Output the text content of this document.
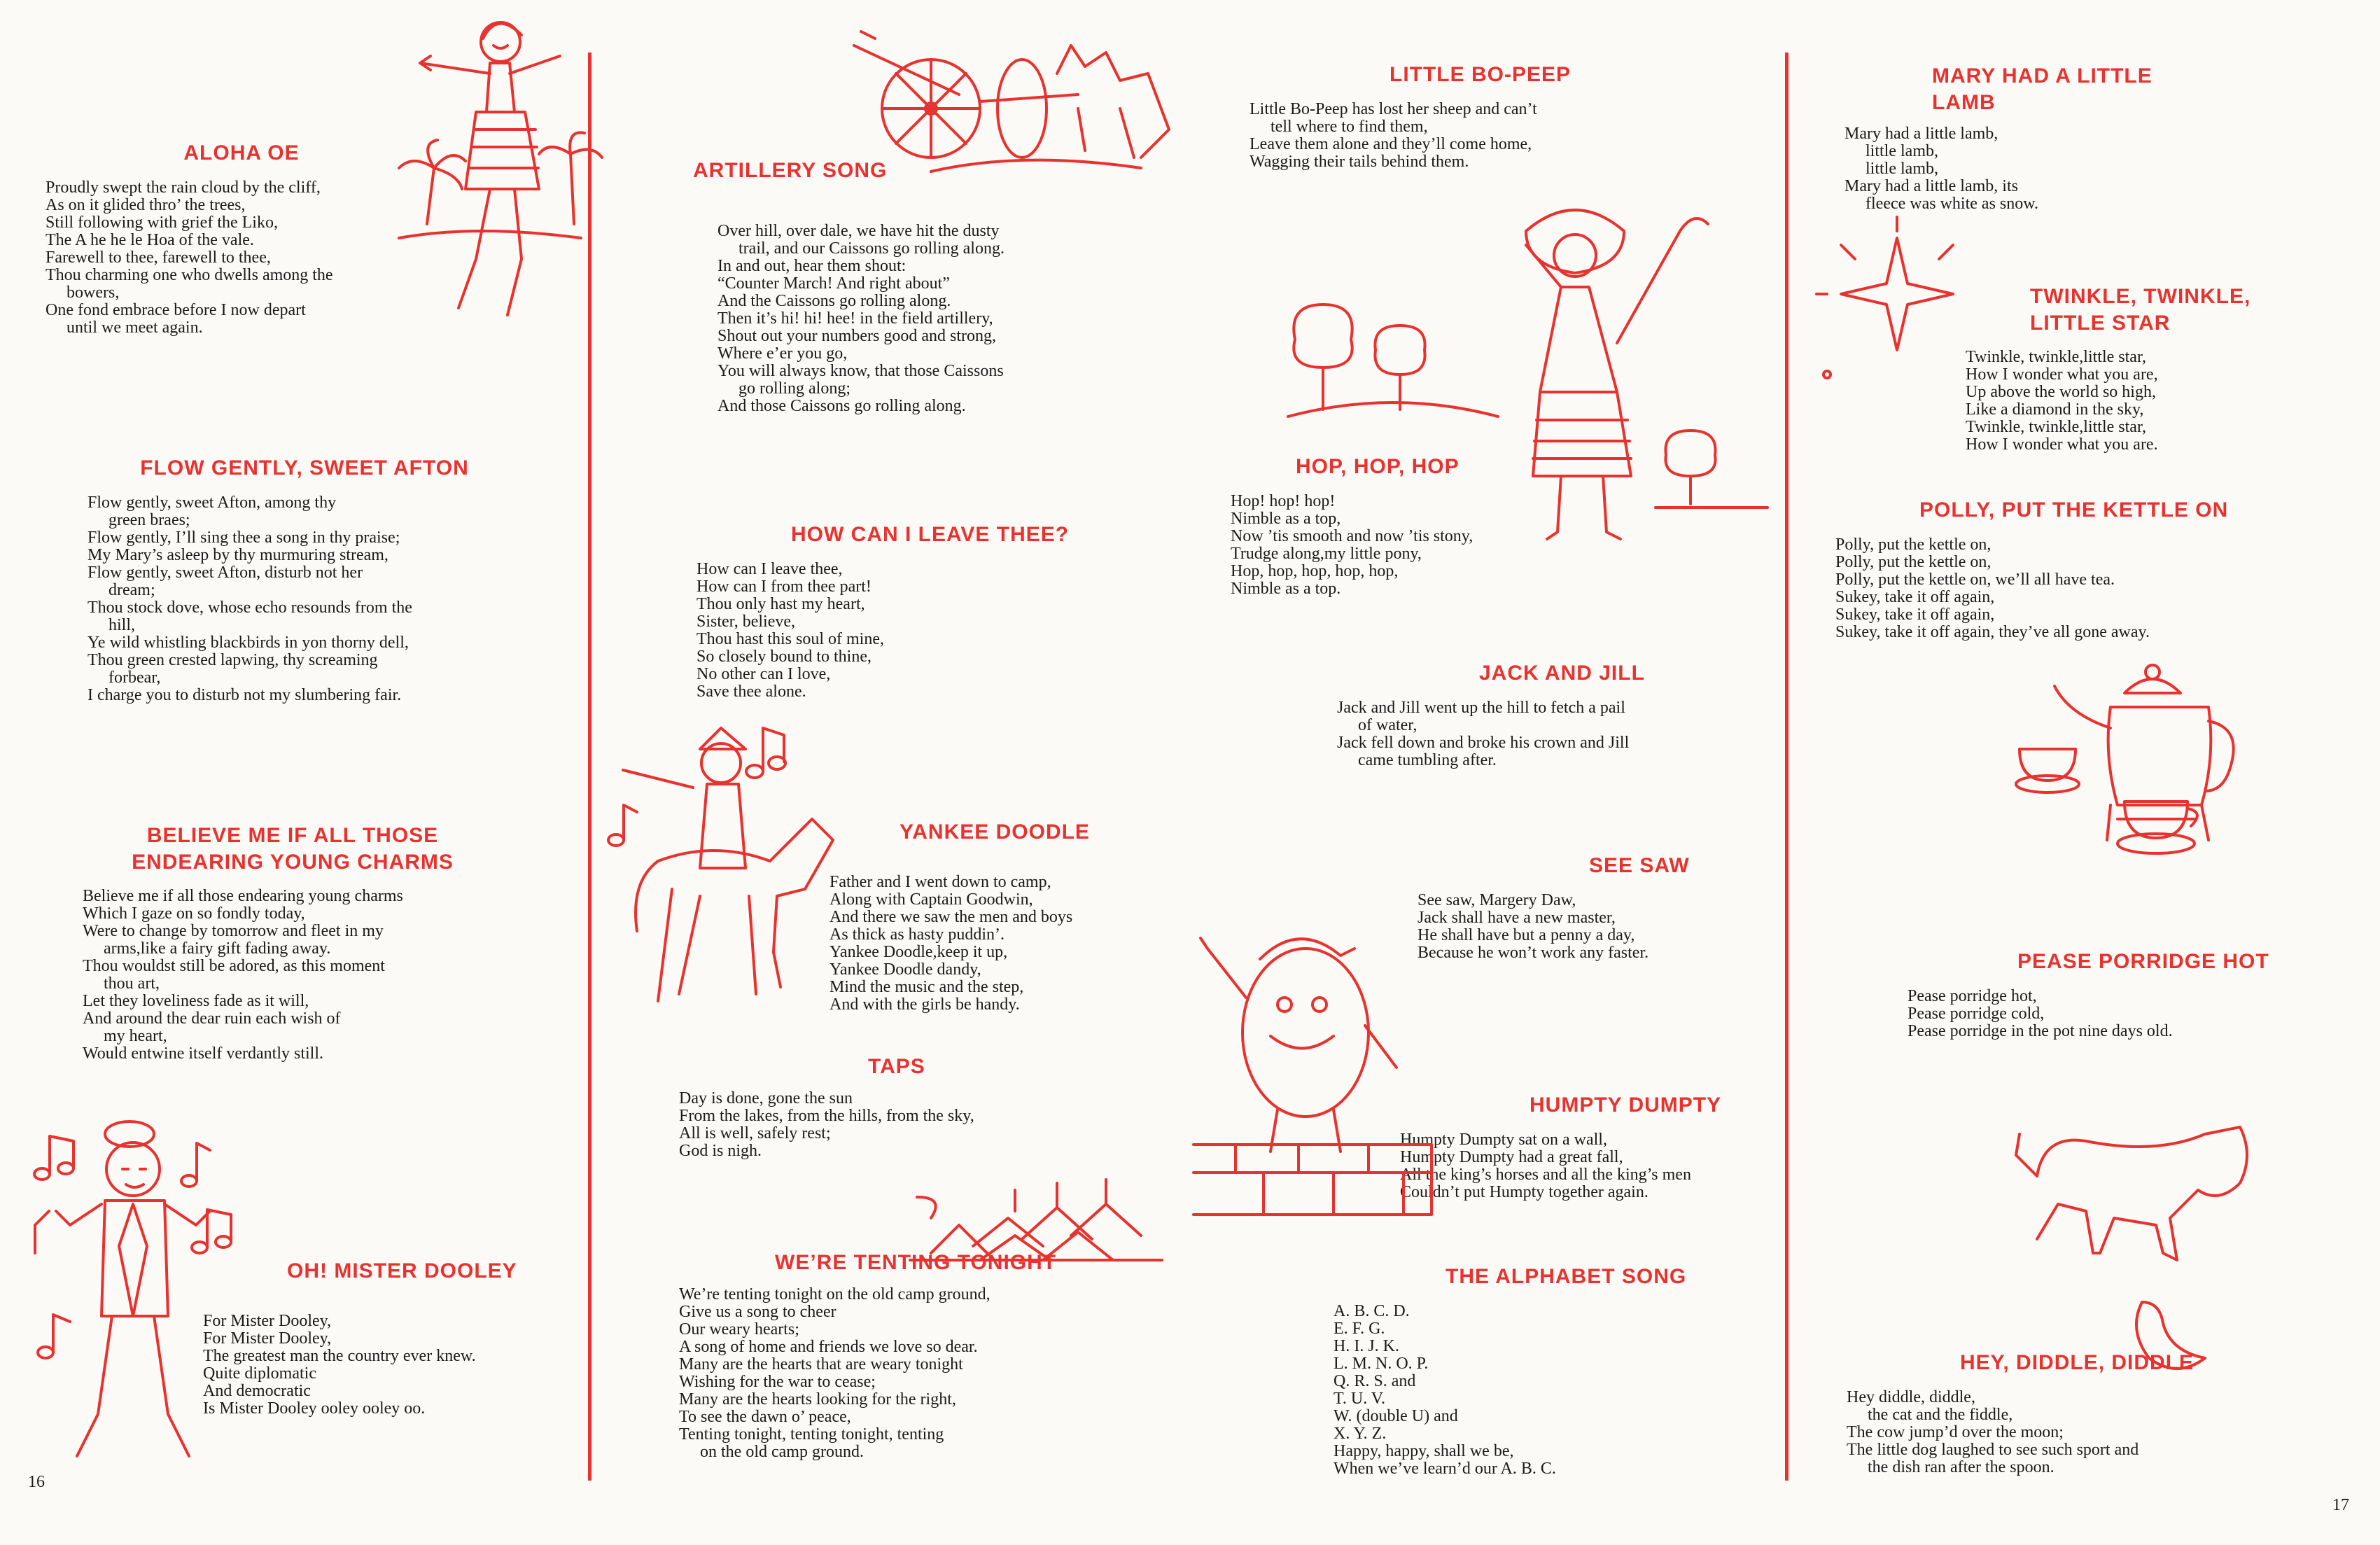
ALOHA OE
Proudly swept the rain cloud by the cliff,
As on it glided thro’ the trees,
Still following with grief the Liko,
The A he he le Hoa of the vale.
Farewell to thee, farewell to thee,
Thou charming one who dwells among the
bowers,
One fond embrace before I now depart
until we meet again.
FLOW GENTLY, SWEET AFTON
Flow gently, sweet Afton, among thy
green braes;
Flow gently, I’ll sing thee a song in thy praise;
My Mary’s asleep by thy murmuring stream,
Flow gently, sweet Afton, disturb not her
dream;
Thou stock dove, whose echo resounds from the
hill,
Ye wild whistling blackbirds in yon thorny dell,
Thou green crested lapwing, thy screaming
forbear,
I charge you to disturb not my slumbering fair.
BELIEVE ME IF ALL THOSE ENDEARING YOUNG CHARMS
Believe me if all those endearing young charms
Which I gaze on so fondly today,
Were to change by tomorrow and fleet in my
arms,like a fairy gift fading away.
Thou wouldst still be adored, as this moment
thou art,
Let they loveliness fade as it will,
And around the dear ruin each wish of
my heart,
Would entwine itself verdantly still.
OH! MISTER DOOLEY
For Mister Dooley,
For Mister Dooley,
The greatest man the country ever knew.
Quite diplomatic
And democratic
Is Mister Dooley ooley ooley oo.
ARTILLERY SONG
Over hill, over dale, we have hit the dusty
trail, and our Caissons go rolling along.
In and out, hear them shout:
“Counter March! And right about”
And the Caissons go rolling along.
Then it’s hi! hi! hee! in the field artillery,
Shout out your numbers good and strong,
Where e’er you go,
You will always know, that those Caissons
go rolling along;
And those Caissons go rolling along.
HOW CAN I LEAVE THEE?
How can I leave thee,
How can I from thee part!
Thou only hast my heart,
Sister, believe,
Thou hast this soul of mine,
So closely bound to thine,
No other can I love,
Save thee alone.
YANKEE DOODLE
Father and I went down to camp,
Along with Captain Goodwin,
And there we saw the men and boys
As thick as hasty puddin’.
Yankee Doodle,keep it up,
Yankee Doodle dandy,
Mind the music and the step,
And with the girls be handy.
TAPS
Day is done, gone the sun
From the lakes, from the hills, from the sky,
All is well, safely rest;
God is nigh.
WE’RE TENTING TONIGHT
We’re tenting tonight on the old camp ground,
Give us a song to cheer
Our weary hearts;
A song of home and friends we love so dear.
Many are the hearts that are weary tonight
Wishing for the war to cease;
Many are the hearts looking for the right,
To see the dawn o’ peace,
Tenting tonight, tenting tonight, tenting
on the old camp ground.
LITTLE BO-PEEP
Little Bo-Peep has lost her sheep and can’t
tell where to find them,
Leave them alone and they’ll come home,
Wagging their tails behind them.
HOP, HOP, HOP
Hop! hop! hop!
Nimble as a top,
Now ’tis smooth and now ’tis stony,
Trudge along,my little pony,
Hop, hop, hop, hop, hop,
Nimble as a top.
JACK AND JILL
Jack and Jill went up the hill to fetch a pail
of water,
Jack fell down and broke his crown and Jill
came tumbling after.
SEE SAW
See saw, Margery Daw,
Jack shall have a new master,
He shall have but a penny a day,
Because he won’t work any faster.
HUMPTY DUMPTY
Humpty Dumpty sat on a wall,
Humpty Dumpty had a great fall,
All the king’s horses and all the king’s men
Couldn’t put Humpty together again.
THE ALPHABET SONG
A. B. C. D.
E. F. G.
H. I. J. K.
L. M. N. O. P.
Q. R. S. and
T. U. V.
W. (double U) and
X. Y. Z.
Happy, happy, shall we be,
When we’ve learn’d our A. B. C.
MARY HAD A LITTLE LAMB
Mary had a little lamb,
little lamb,
little lamb,
Mary had a little lamb, its
fleece was white as snow.
TWINKLE, TWINKLE, LITTLE STAR
Twinkle, twinkle,little star,
How I wonder what you are,
Up above the world so high,
Like a diamond in the sky,
Twinkle, twinkle,little star,
How I wonder what you are.
POLLY, PUT THE KETTLE ON
Polly, put the kettle on,
Polly, put the kettle on,
Polly, put the kettle on, we’ll all have tea.
Sukey, take it off again,
Sukey, take it off again,
Sukey, take it off again, they’ve all gone away.
PEASE PORRIDGE HOT
Pease porridge hot,
Pease porridge cold,
Pease porridge in the pot nine days old.
HEY, DIDDLE, DIDDLE
Hey diddle, diddle,
the cat and the fiddle,
The cow jump’d over the moon;
The little dog laughed to see such sport and
the dish ran after the spoon.
16
17
